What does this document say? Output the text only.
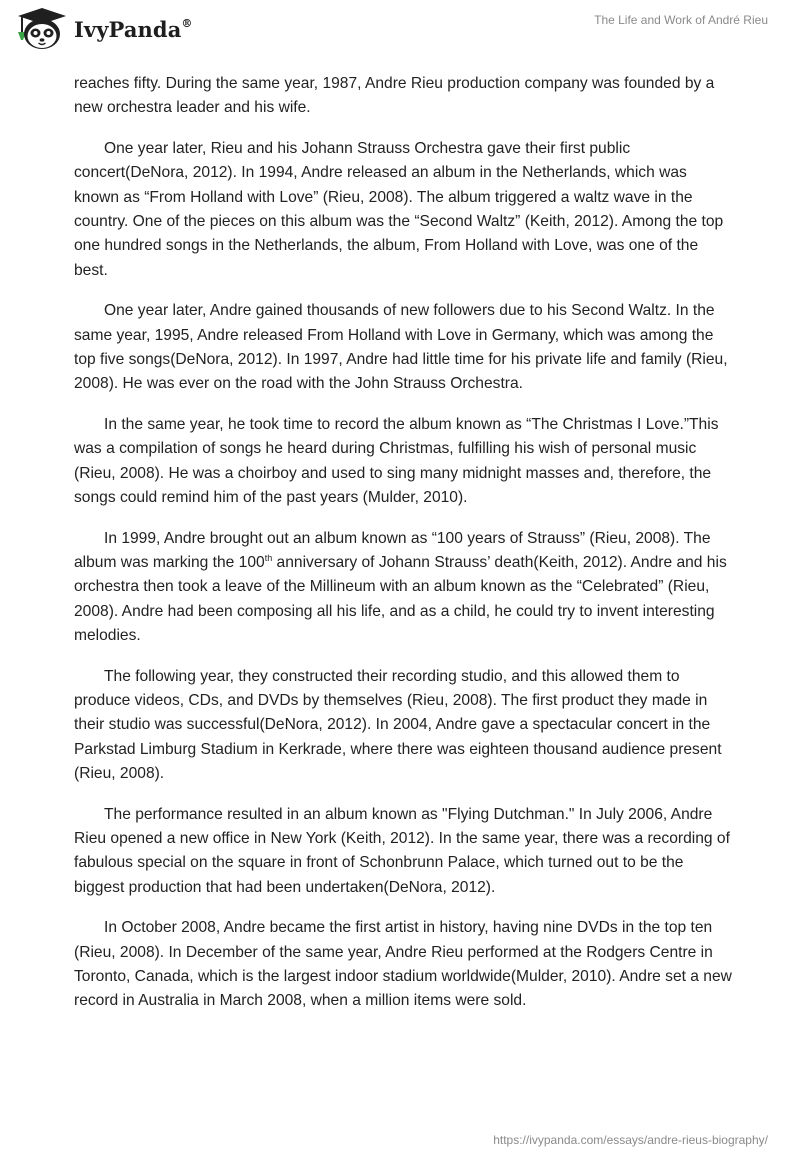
IvyPanda®	The Life and Work of André Rieu

reaches fifty. During the same year, 1987, Andre Rieu production company was founded by a new orchestra leader and his wife.

One year later, Rieu and his Johann Strauss Orchestra gave their first public concert(DeNora, 2012). In 1994, Andre released an album in the Netherlands, which was known as “From Holland with Love” (Rieu, 2008). The album triggered a waltz wave in the country. One of the pieces on this album was the “Second Waltz” (Keith, 2012). Among the top one hundred songs in the Netherlands, the album, From Holland with Love, was one of the best.

One year later, Andre gained thousands of new followers due to his Second Waltz. In the same year, 1995, Andre released From Holland with Love in Germany, which was among the top five songs(DeNora, 2012). In 1997, Andre had little time for his private life and family (Rieu, 2008). He was ever on the road with the John Strauss Orchestra.

In the same year, he took time to record the album known as “The Christmas I Love.”This was a compilation of songs he heard during Christmas, fulfilling his wish of personal music (Rieu, 2008). He was a choirboy and used to sing many midnight masses and, therefore, the songs could remind him of the past years (Mulder, 2010).

In 1999, Andre brought out an album known as “100 years of Strauss” (Rieu, 2008). The album was marking the 100th anniversary of Johann Strauss’ death(Keith, 2012). Andre and his orchestra then took a leave of the Millineum with an album known as the “Celebrated” (Rieu, 2008). Andre had been composing all his life, and as a child, he could try to invent interesting melodies.

The following year, they constructed their recording studio, and this allowed them to produce videos, CDs, and DVDs by themselves (Rieu, 2008). The first product they made in their studio was successful(DeNora, 2012). In 2004, Andre gave a spectacular concert in the Parkstad Limburg Stadium in Kerkrade, where there was eighteen thousand audience present (Rieu, 2008).

The performance resulted in an album known as "Flying Dutchman." In July 2006, Andre Rieu opened a new office in New York (Keith, 2012). In the same year, there was a recording of fabulous special on the square in front of Schonbrunn Palace, which turned out to be the biggest production that had been undertaken(DeNora, 2012).

In October 2008, Andre became the first artist in history, having nine DVDs in the top ten (Rieu, 2008). In December of the same year, Andre Rieu performed at the Rodgers Centre in Toronto, Canada, which is the largest indoor stadium worldwide(Mulder, 2010). Andre set a new record in Australia in March 2008, when a million items were sold.

https://ivypanda.com/essays/andre-rieus-biography/
